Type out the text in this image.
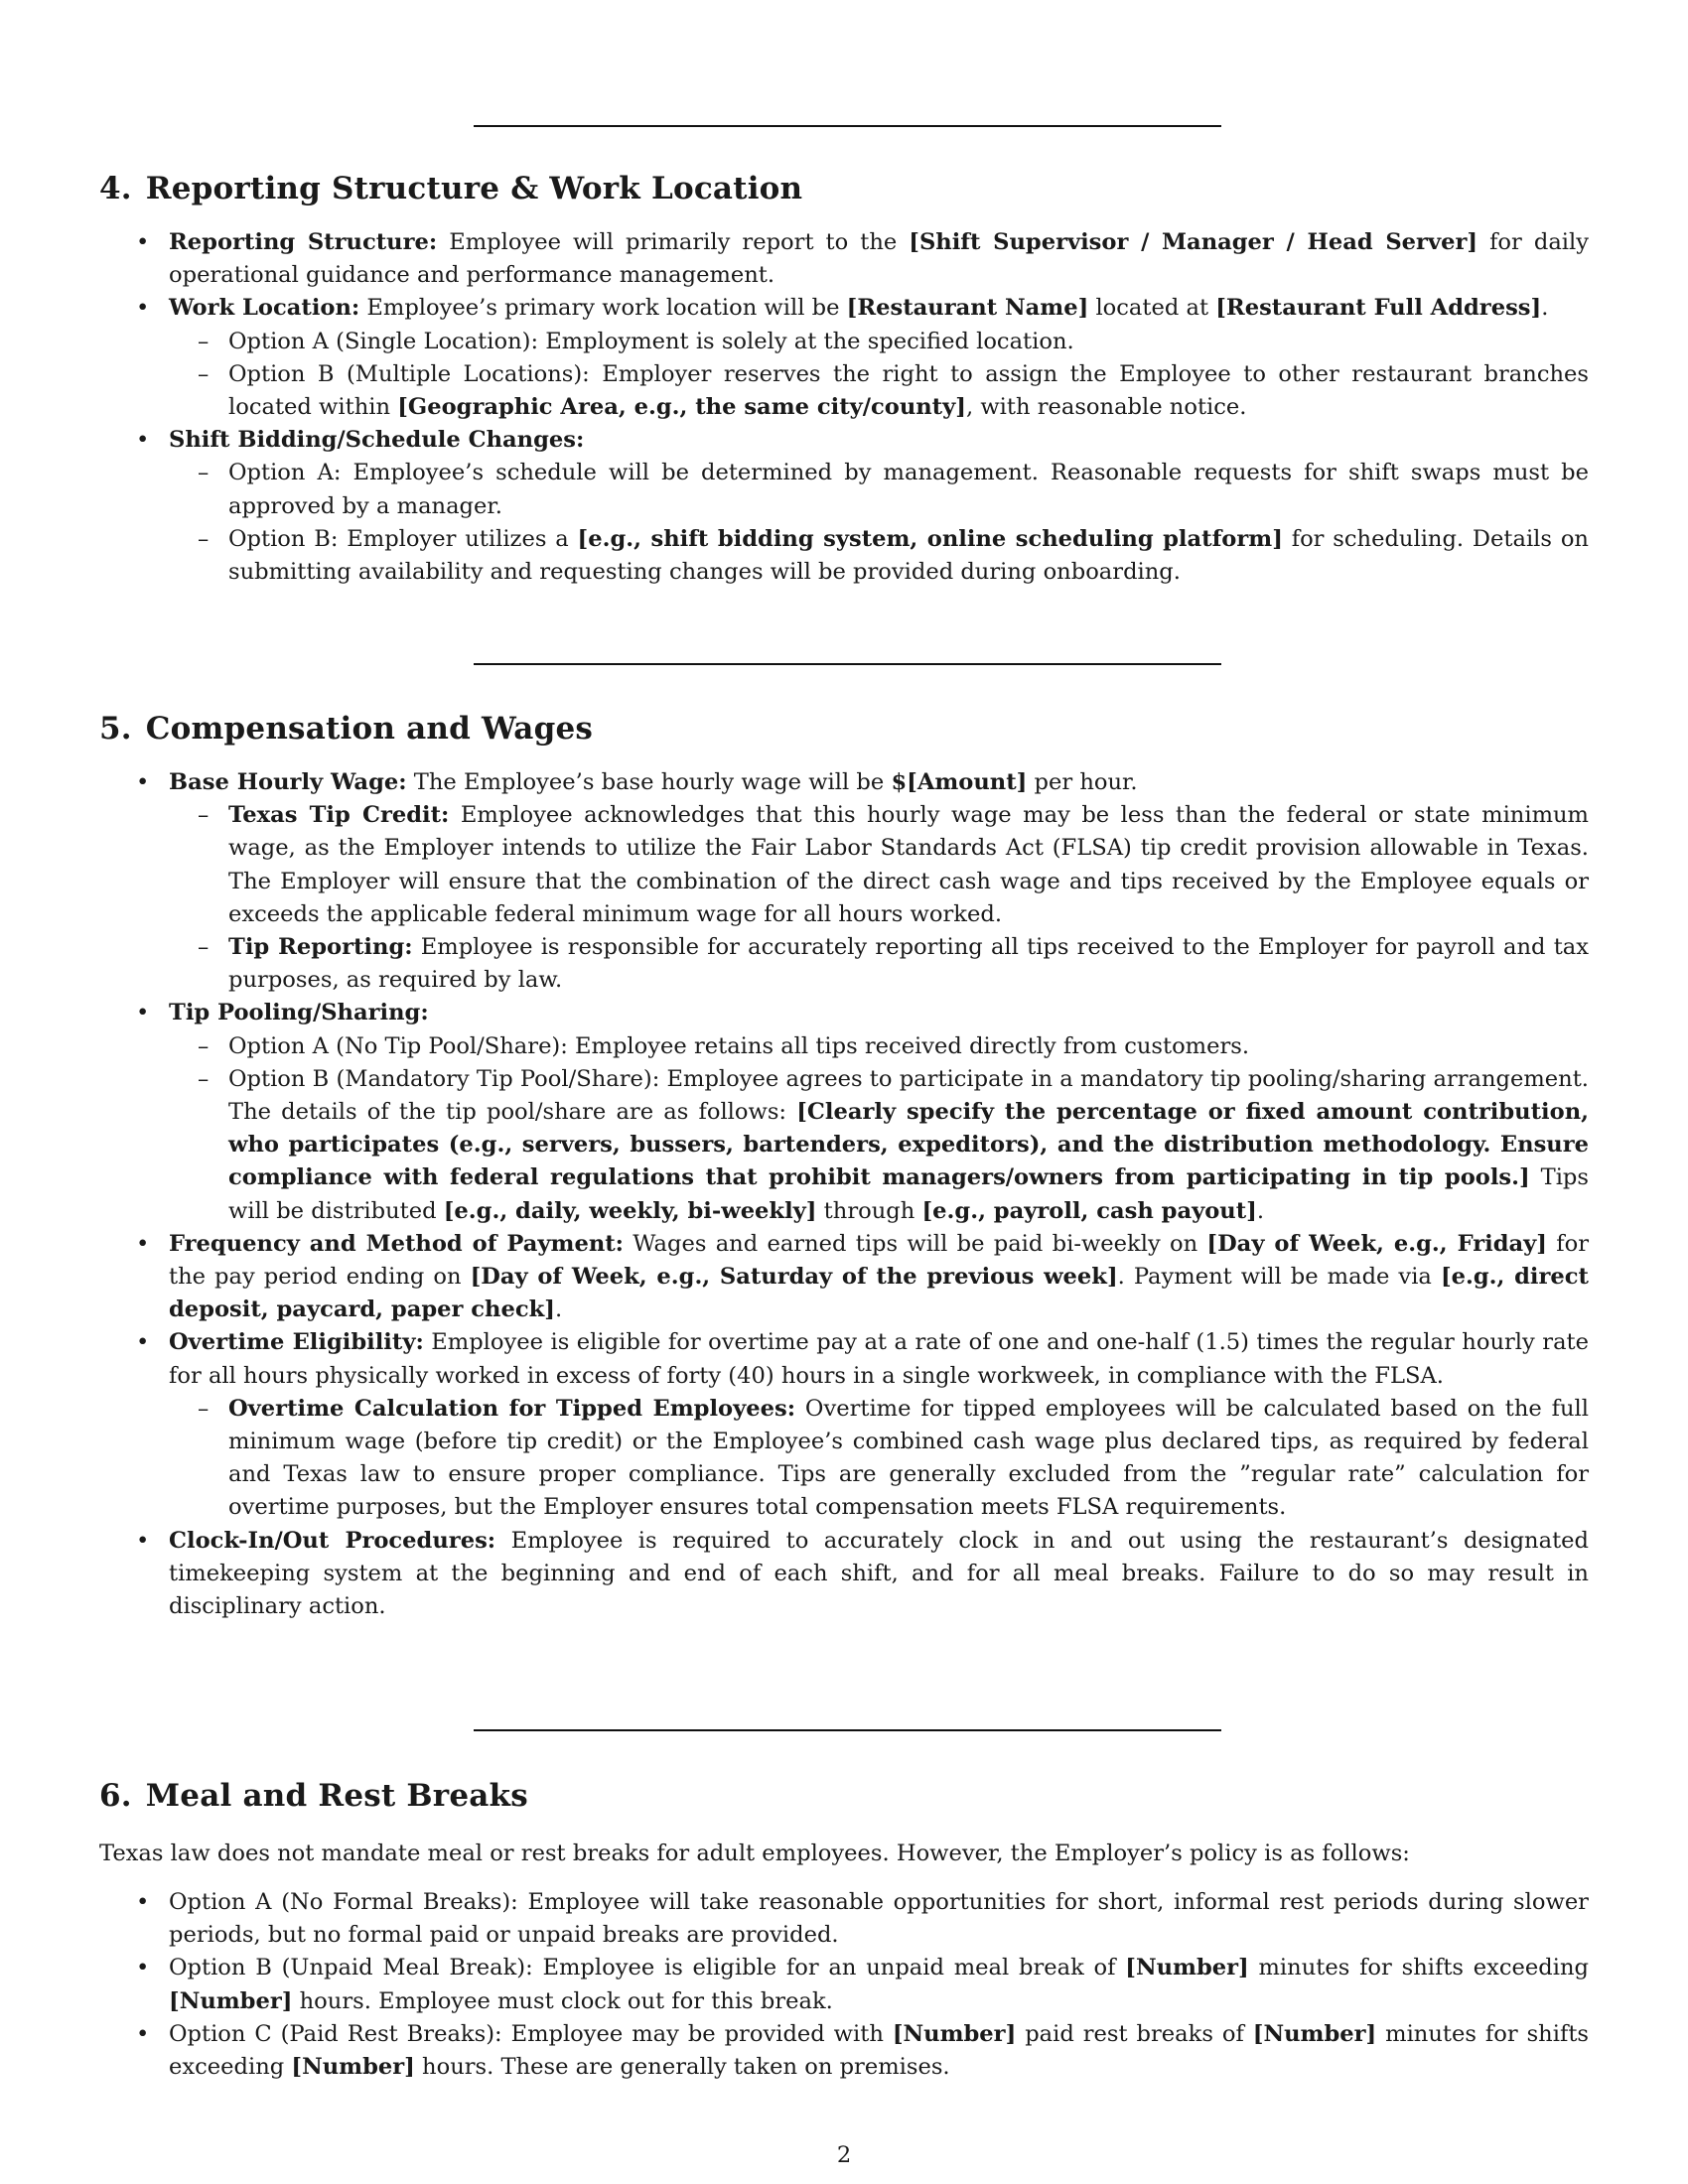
4. Reporting Structure & Work Location
• Reporting Structure: Employee will primarily report to the [Shift Supervisor / Manager / Head Server] for daily operational guidance and performance management.
• Work Location: Employee’s primary work location will be [Restaurant Name] located at [Restaurant Full Address].
– Option A (Single Location): Employment is solely at the specified location.
– Option B (Multiple Locations): Employer reserves the right to assign the Employee to other restaurant branches located within [Geographic Area, e.g., the same city/county], with reasonable notice.
• Shift Bidding/Schedule Changes:
– Option A: Employee’s schedule will be determined by management. Reasonable requests for shift swaps must be approved by a manager.
– Option B: Employer utilizes a [e.g., shift bidding system, online scheduling platform] for scheduling. Details on submitting availability and requesting changes will be provided during onboarding.
5. Compensation and Wages
• Base Hourly Wage: The Employee’s base hourly wage will be $[Amount] per hour.
– Texas Tip Credit: Employee acknowledges that this hourly wage may be less than the federal or state minimum wage, as the Employer intends to utilize the Fair Labor Standards Act (FLSA) tip credit provision allowable in Texas. The Employer will ensure that the combination of the direct cash wage and tips received by the Employee equals or exceeds the applicable federal minimum wage for all hours worked.
– Tip Reporting: Employee is responsible for accurately reporting all tips received to the Employer for payroll and tax purposes, as required by law.
• Tip Pooling/Sharing:
– Option A (No Tip Pool/Share): Employee retains all tips received directly from customers.
– Option B (Mandatory Tip Pool/Share): Employee agrees to participate in a mandatory tip pooling/sharing arrangement. The details of the tip pool/share are as follows: [Clearly specify the percentage or fixed amount contribution, who participates (e.g., servers, bussers, bartenders, expeditors), and the distribution methodology. Ensure compliance with federal regulations that prohibit managers/owners from participating in tip pools.] Tips will be distributed [e.g., daily, weekly, bi-weekly] through [e.g., payroll, cash payout].
• Frequency and Method of Payment: Wages and earned tips will be paid bi-weekly on [Day of Week, e.g., Friday] for the pay period ending on [Day of Week, e.g., Saturday of the previous week]. Payment will be made via [e.g., direct deposit, paycard, paper check].
• Overtime Eligibility: Employee is eligible for overtime pay at a rate of one and one-half (1.5) times the regular hourly rate for all hours physically worked in excess of forty (40) hours in a single workweek, in compliance with the FLSA.
– Overtime Calculation for Tipped Employees: Overtime for tipped employees will be calculated based on the full minimum wage (before tip credit) or the Employee’s combined cash wage plus declared tips, as required by federal and Texas law to ensure proper compliance. Tips are generally excluded from the ”regular rate” calculation for overtime purposes, but the Employer ensures total compensation meets FLSA requirements.
• Clock-In/Out Procedures: Employee is required to accurately clock in and out using the restaurant’s designated timekeeping system at the beginning and end of each shift, and for all meal breaks. Failure to do so may result in disciplinary action.
6. Meal and Rest Breaks

Texas law does not mandate meal or rest breaks for adult employees. However, the Employer’s policy is as follows:

• Option A (No Formal Breaks): Employee will take reasonable opportunities for short, informal rest periods during slower periods, but no formal paid or unpaid breaks are provided.
• Option B (Unpaid Meal Break): Employee is eligible for an unpaid meal break of [Number] minutes for shifts exceeding [Number] hours. Employee must clock out for this break.
• Option C (Paid Rest Breaks): Employee may be provided with [Number] paid rest breaks of [Number] minutes for shifts exceeding [Number] hours. These are generally taken on premises.
2
